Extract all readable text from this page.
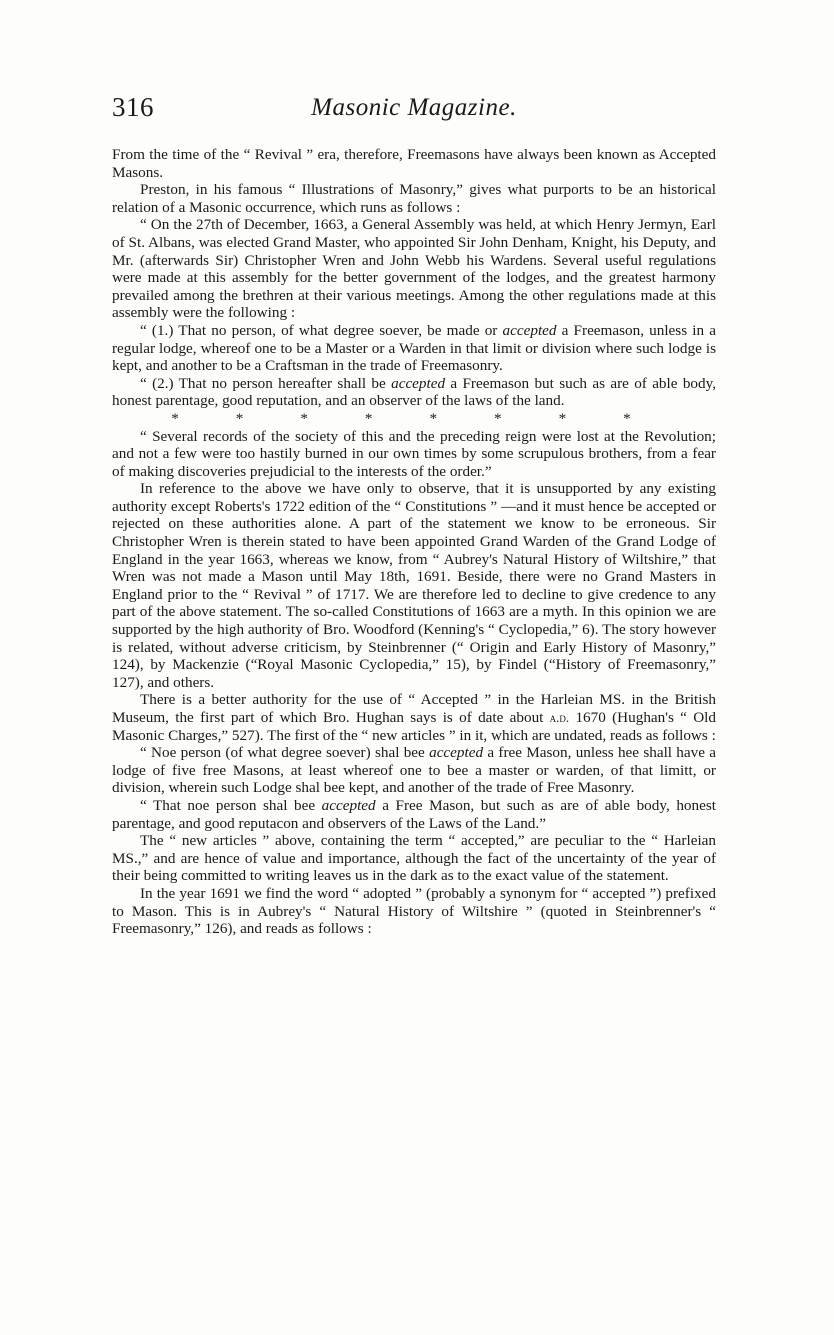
316	Masonic Magazine.

From the time of the “ Revival ” era, therefore, Freemasons have always been known as Accepted Masons.

Preston, in his famous “ Illustrations of Masonry,” gives what purports to be an historical relation of a Masonic occurrence, which runs as follows :

“ On the 27th of December, 1663, a General Assembly was held, at which Henry Jermyn, Earl of St. Albans, was elected Grand Master, who appointed Sir John Denham, Knight, his Deputy, and Mr. (afterwards Sir) Christopher Wren and John Webb his Wardens. Several useful regulations were made at this assembly for the better government of the lodges, and the greatest harmony prevailed among the brethren at their various meetings. Among the other regulations made at this assembly were the following :

“ (1.) That no person, of what degree soever, be made or accepted a Freemason, unless in a regular lodge, whereof one to be a Master or a Warden in that limit or division where such lodge is kept, and another to be a Craftsman in the trade of Freemasonry.

“ (2.) That no person hereafter shall be accepted a Freemason but such as are of able body, honest parentage, good reputation, and an observer of the laws of the land.

*	*	*	*	*	*	*	*

“ Several records of the society of this and the preceding reign were lost at the Revolution; and not a few were too hastily burned in our own times by some scrupulous brothers, from a fear of making discoveries prejudicial to the interests of the order.”

In reference to the above we have only to observe, that it is unsupported by any existing authority except Roberts's 1722 edition of the “ Constitutions ” —and it must hence be accepted or rejected on these authorities alone. A part of the statement we know to be erroneous. Sir Christopher Wren is therein stated to have been appointed Grand Warden of the Grand Lodge of England in the year 1663, whereas we know, from “ Aubrey's Natural History of Wiltshire,” that Wren was not made a Mason until May 18th, 1691. Beside, there were no Grand Masters in England prior to the “ Revival ” of 1717. We are therefore led to decline to give credence to any part of the above statement. The so-called Constitutions of 1663 are a myth. In this opinion we are supported by the high authority of Bro. Woodford (Kenning's “ Cyclopedia,” 6). The story however is related, without adverse criticism, by Steinbrenner (“ Origin and Early History of Masonry,” 124), by Mackenzie (“Royal Masonic Cyclopedia,” 15), by Findel (“History of Freemasonry,” 127), and others.

There is a better authority for the use of “ Accepted ” in the Harleian MS. in the British Museum, the first part of which Bro. Hughan says is of date about a.d. 1670 (Hughan's “ Old Masonic Charges,” 527). The first of the “ new articles ” in it, which are undated, reads as follows :

“ Noe person (of what degree soever) shal bee accepted a free Mason, unless hee shall have a lodge of five free Masons, at least whereof one to bee a master or warden, of that limitt, or division, wherein such Lodge shal bee kept, and another of the trade of Free Masonry.

“ That noe person shal bee accepted a Free Mason, but such as are of able body, honest parentage, and good reputacon and observers of the Laws of the Land.”

The “ new articles ” above, containing the term “ accepted,” are peculiar to the “ Harleian MS.,” and are hence of value and importance, although the fact of the uncertainty of the year of their being committed to writing leaves us in the dark as to the exact value of the statement.

In the year 1691 we find the word “ adopted ” (probably a synonym for “ accepted ”) prefixed to Mason. This is in Aubrey's “ Natural History of Wiltshire ” (quoted in Steinbrenner's “ Freemasonry,” 126), and reads as follows :
